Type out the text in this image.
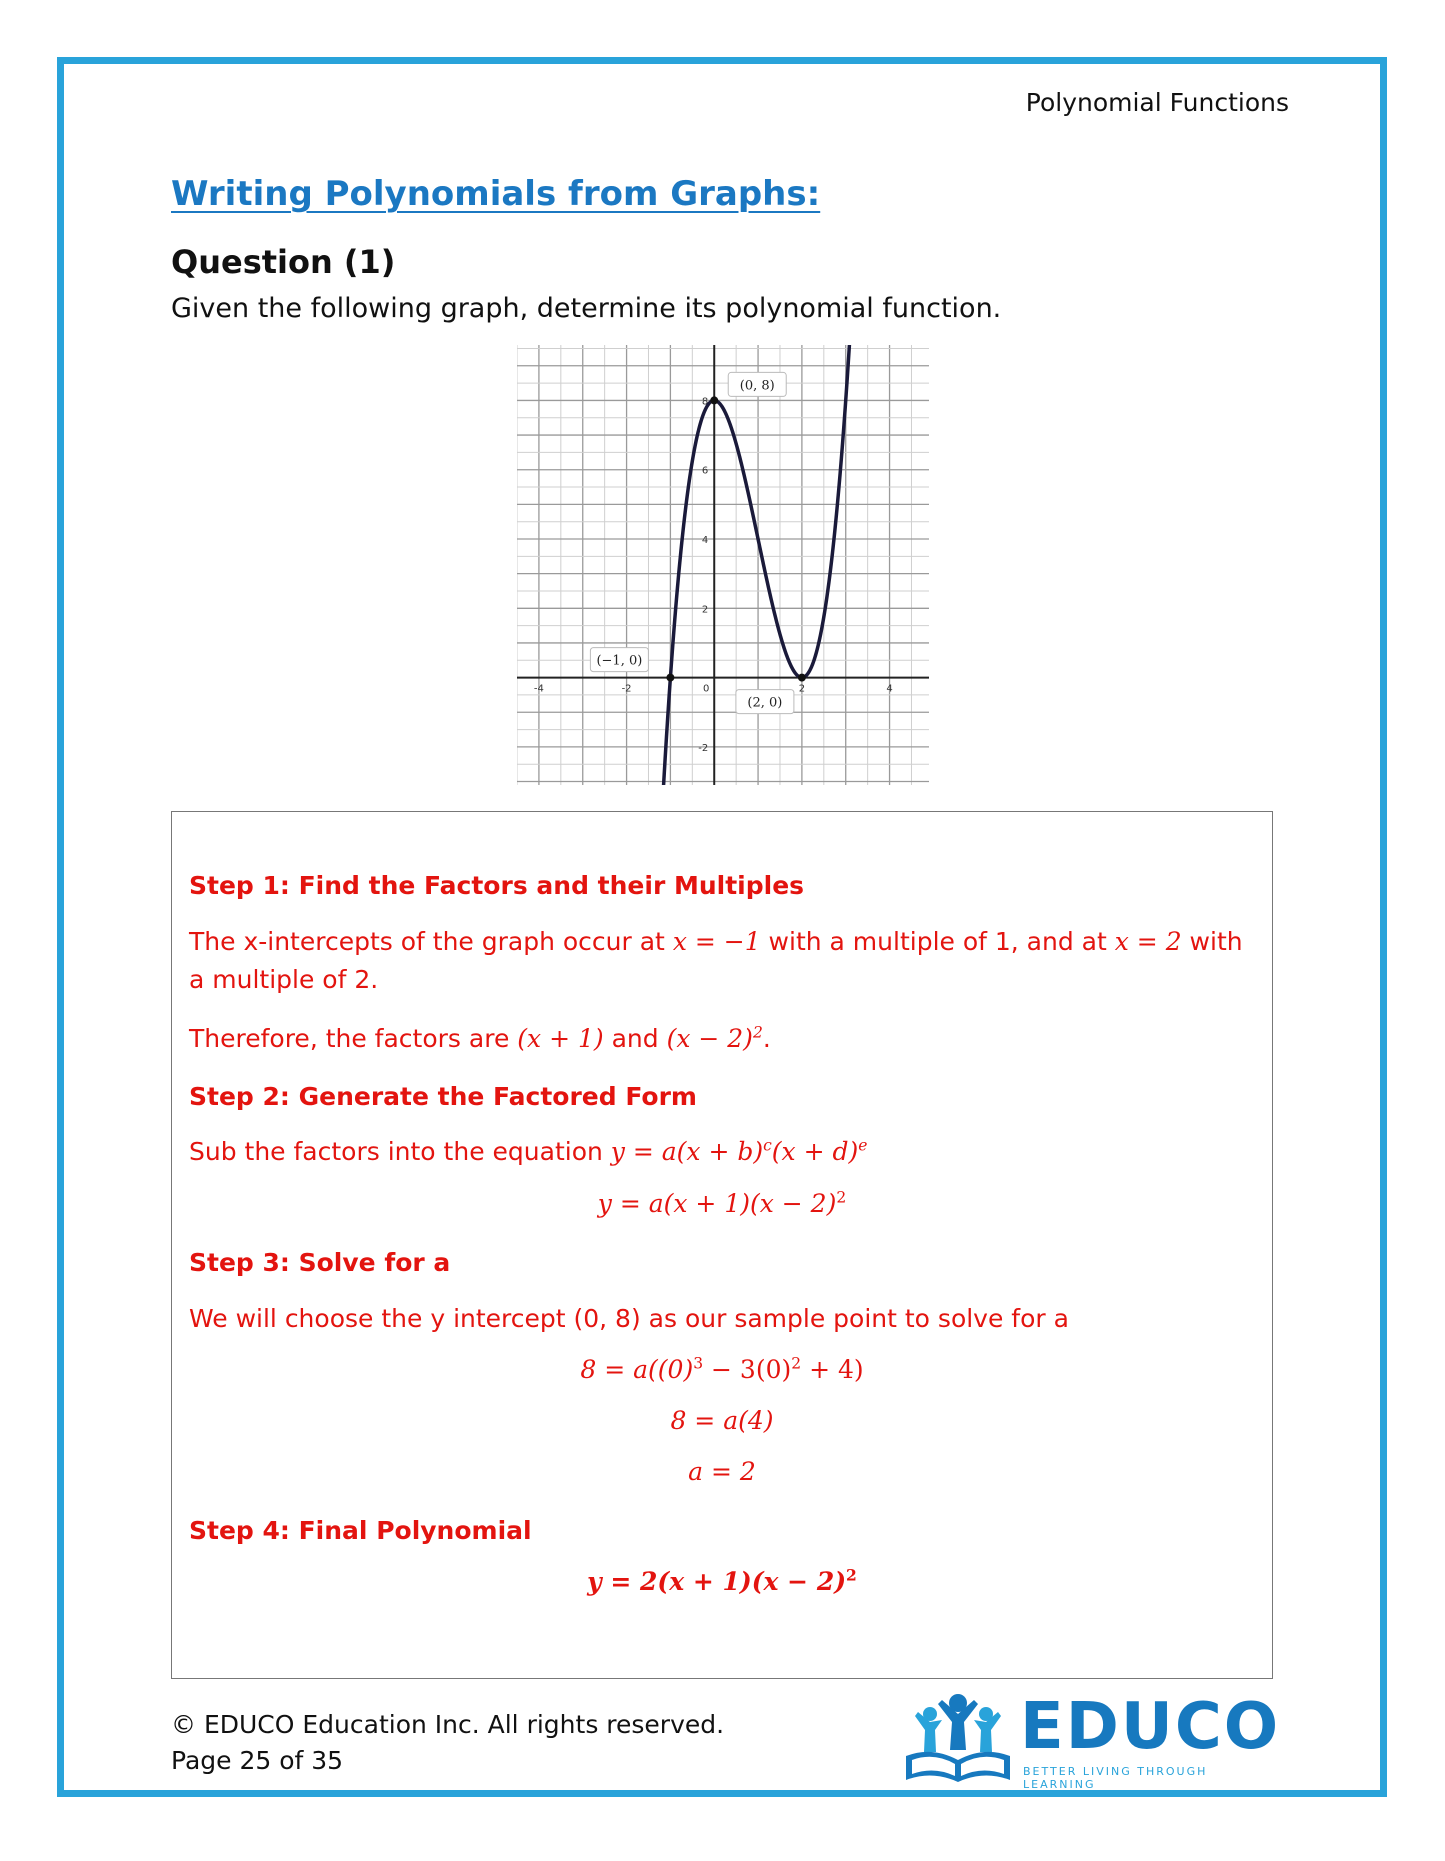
Polynomial Functions
Writing Polynomials from Graphs:
Question (1)
Given the following graph, determine its polynomial function.
-4	-2	0	2	4
8
6
4
2
-2
(0, 8)
(−1, 0)
(2, 0)
Step 1: Find the Factors and their Multiples
The x-intercepts of the graph occur at x = −1 with a multiple of 1, and at x = 2 with a multiple of 2.
Therefore, the factors are (x + 1) and $(x - 2)^2$.
Step 2: Generate the Factored Form
Sub the factors into the equation $y = a(x + b)^c(x + d)^e$
$y = a(x + 1)(x - 2)^2$
Step 3: Solve for a
We will choose the y intercept (0, 8) as our sample point to solve for a
$8 = a((0)^3 - 3(0)^2 + 4)$
8 = a(4)
a = 2
Step 4: Final Polynomial
$y = 2(x + 1)(x - 2)^2$
© EDUCO Education Inc. All rights reserved.
Page 25 of 35	EDUCO
BETTER LIVING THROUGH LEARNING
